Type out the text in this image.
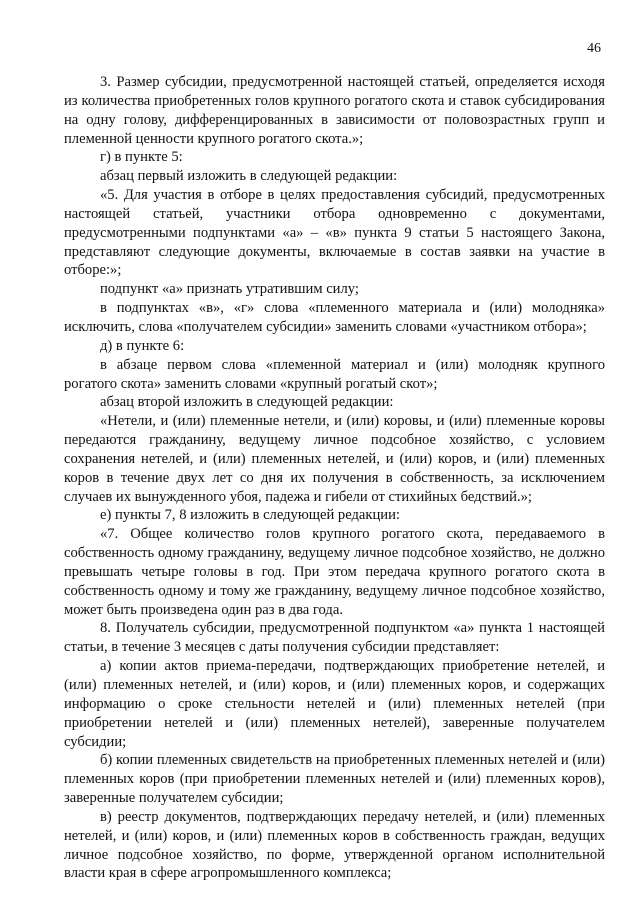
46

3. Размер субсидии, предусмотренной настоящей статьей, определяется исходя из количества приобретенных голов крупного рогатого скота и ставок субсидирования на одну голову, дифференцированных в зависимости от половозрастных групп и племенной ценности крупного рогатого скота.»;

г) в пункте 5:

абзац первый изложить в следующей редакции:

«5. Для участия в отборе в целях предоставления субсидий, предусмотренных настоящей статьей, участники отбора одновременно с документами, предусмотренными подпунктами «а» – «в» пункта 9 статьи 5 настоящего Закона, представляют следующие документы, включаемые в состав заявки на участие в отборе:»;

подпункт «а» признать утратившим силу;

в подпунктах «в», «г» слова «племенного материала и (или) молодняка» исключить, слова «получателем субсидии» заменить словами «участником отбора»;

д) в пункте 6:

в абзаце первом слова «племенной материал и (или) молодняк крупного рогатого скота» заменить словами «крупный рогатый скот»;

абзац второй изложить в следующей редакции:

«Нетели, и (или) племенные нетели, и (или) коровы, и (или) племенные коровы передаются гражданину, ведущему личное подсобное хозяйство, с условием сохранения нетелей, и (или) племенных нетелей, и (или) коров, и (или) племенных коров в течение двух лет со дня их получения в собственность, за исключением случаев их вынужденного убоя, падежа и гибели от стихийных бедствий.»;

е) пункты 7, 8 изложить в следующей редакции:

«7. Общее количество голов крупного рогатого скота, передаваемого в собственность одному гражданину, ведущему личное подсобное хозяйство, не должно превышать четыре головы в год. При этом передача крупного рогатого скота в собственность одному и тому же гражданину, ведущему личное подсобное хозяйство, может быть произведена один раз в два года.

8. Получатель субсидии, предусмотренной подпунктом «а» пункта 1 настоящей статьи, в течение 3 месяцев с даты получения субсидии представляет:

а) копии актов приема-передачи, подтверждающих приобретение нетелей, и (или) племенных нетелей, и (или) коров, и (или) племенных коров, и содержащих информацию о сроке стельности нетелей и (или) племенных нетелей (при приобретении нетелей и (или) племенных нетелей), заверенные получателем субсидии;

б) копии племенных свидетельств на приобретенных племенных нетелей и (или) племенных коров (при приобретении племенных нетелей и (или) племенных коров), заверенные получателем субсидии;

в) реестр документов, подтверждающих передачу нетелей, и (или) племенных нетелей, и (или) коров, и (или) племенных коров в собственность граждан, ведущих личное подсобное хозяйство, по форме, утвержденной органом исполнительной власти края в сфере агропромышленного комплекса;
